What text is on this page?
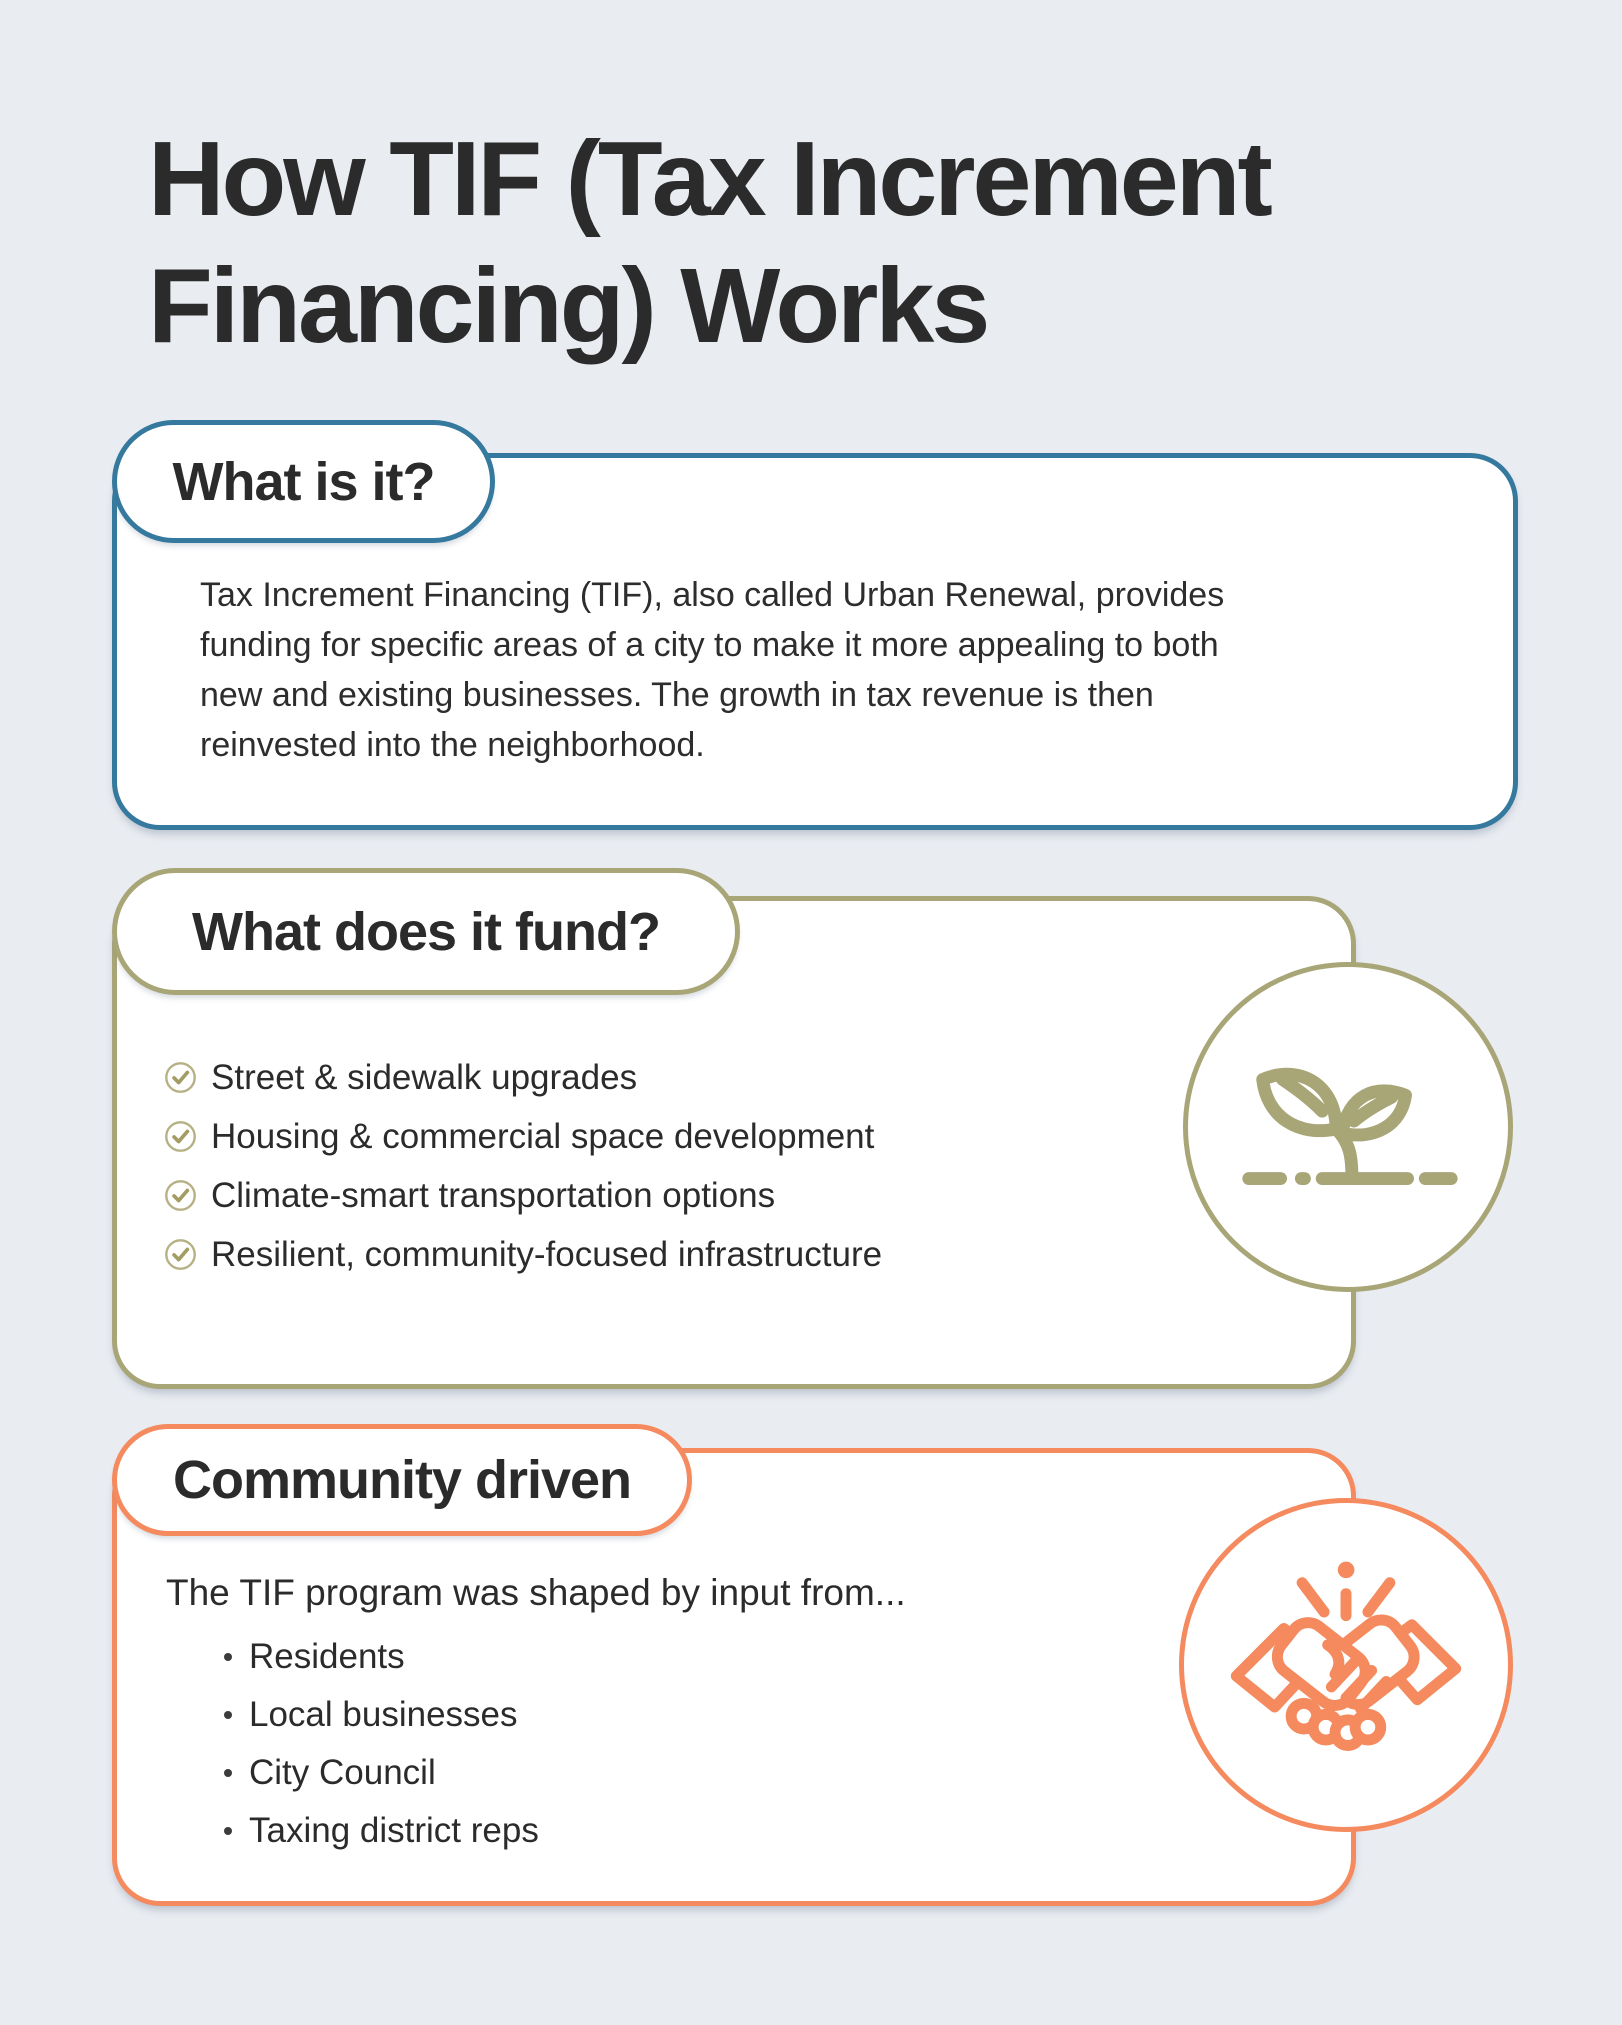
How TIF (Tax Increment
Financing) Works
What is it?
Tax Increment Financing (TIF), also called Urban Renewal, provides
funding for specific areas of a city to make it more appealing to both
new and existing businesses. The growth in tax revenue is then
reinvested into the neighborhood.
What does it fund?
Street & sidewalk upgrades
Housing & commercial space development
Climate-smart transportation options
Resilient, community-focused infrastructure
Community driven
The TIF program was shaped by input from...
Residents
Local businesses
City Council
Taxing district reps
